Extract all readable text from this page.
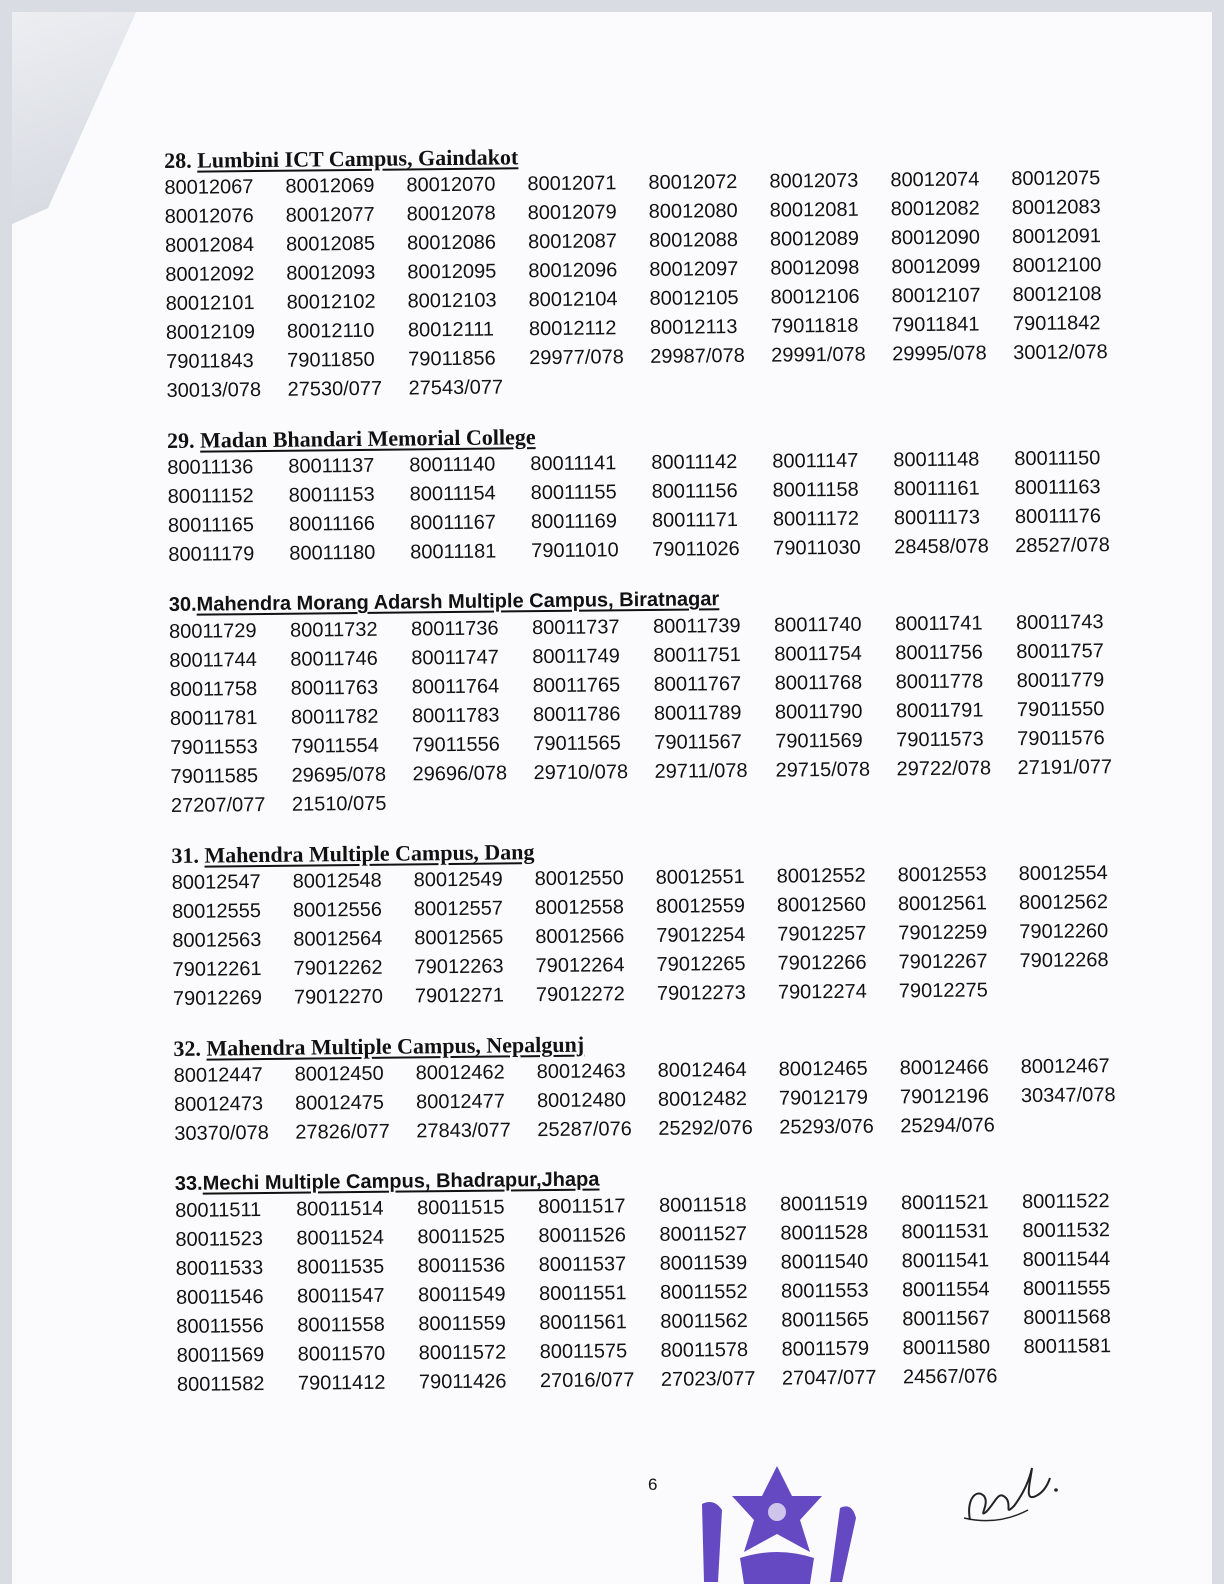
28. Lumbini ICT Campus, Gaindakot
80012067	80012069	80012070	80012071	80012072	80012073	80012074	80012075
80012076	80012077	80012078	80012079	80012080	80012081	80012082	80012083
80012084	80012085	80012086	80012087	80012088	80012089	80012090	80012091
80012092	80012093	80012095	80012096	80012097	80012098	80012099	80012100
80012101	80012102	80012103	80012104	80012105	80012106	80012107	80012108
80012109	80012110	80012111	80012112	80012113	79011818	79011841	79011842
79011843	79011850	79011856	29977/078	29987/078	29991/078	29995/078	30012/078
30013/078	27530/077	27543/077
29. Madan Bhandari Memorial College
80011136	80011137	80011140	80011141	80011142	80011147	80011148	80011150
80011152	80011153	80011154	80011155	80011156	80011158	80011161	80011163
80011165	80011166	80011167	80011169	80011171	80011172	80011173	80011176
80011179	80011180	80011181	79011010	79011026	79011030	28458/078	28527/078
30.Mahendra Morang Adarsh Multiple Campus, Biratnagar
80011729	80011732	80011736	80011737	80011739	80011740	80011741	80011743
80011744	80011746	80011747	80011749	80011751	80011754	80011756	80011757
80011758	80011763	80011764	80011765	80011767	80011768	80011778	80011779
80011781	80011782	80011783	80011786	80011789	80011790	80011791	79011550
79011553	79011554	79011556	79011565	79011567	79011569	79011573	79011576
79011585	29695/078	29696/078	29710/078	29711/078	29715/078	29722/078	27191/077
27207/077	21510/075
31. Mahendra Multiple Campus, Dang
80012547	80012548	80012549	80012550	80012551	80012552	80012553	80012554
80012555	80012556	80012557	80012558	80012559	80012560	80012561	80012562
80012563	80012564	80012565	80012566	79012254	79012257	79012259	79012260
79012261	79012262	79012263	79012264	79012265	79012266	79012267	79012268
79012269	79012270	79012271	79012272	79012273	79012274	79012275
32. Mahendra Multiple Campus, Nepalgunj
80012447	80012450	80012462	80012463	80012464	80012465	80012466	80012467
80012473	80012475	80012477	80012480	80012482	79012179	79012196	30347/078
30370/078	27826/077	27843/077	25287/076	25292/076	25293/076	25294/076
33.Mechi Multiple Campus, Bhadrapur,Jhapa
80011511	80011514	80011515	80011517	80011518	80011519	80011521	80011522
80011523	80011524	80011525	80011526	80011527	80011528	80011531	80011532
80011533	80011535	80011536	80011537	80011539	80011540	80011541	80011544
80011546	80011547	80011549	80011551	80011552	80011553	80011554	80011555
80011556	80011558	80011559	80011561	80011562	80011565	80011567	80011568
80011569	80011570	80011572	80011575	80011578	80011579	80011580	80011581
80011582	79011412	79011426	27016/077	27023/077	27047/077	24567/076
6
